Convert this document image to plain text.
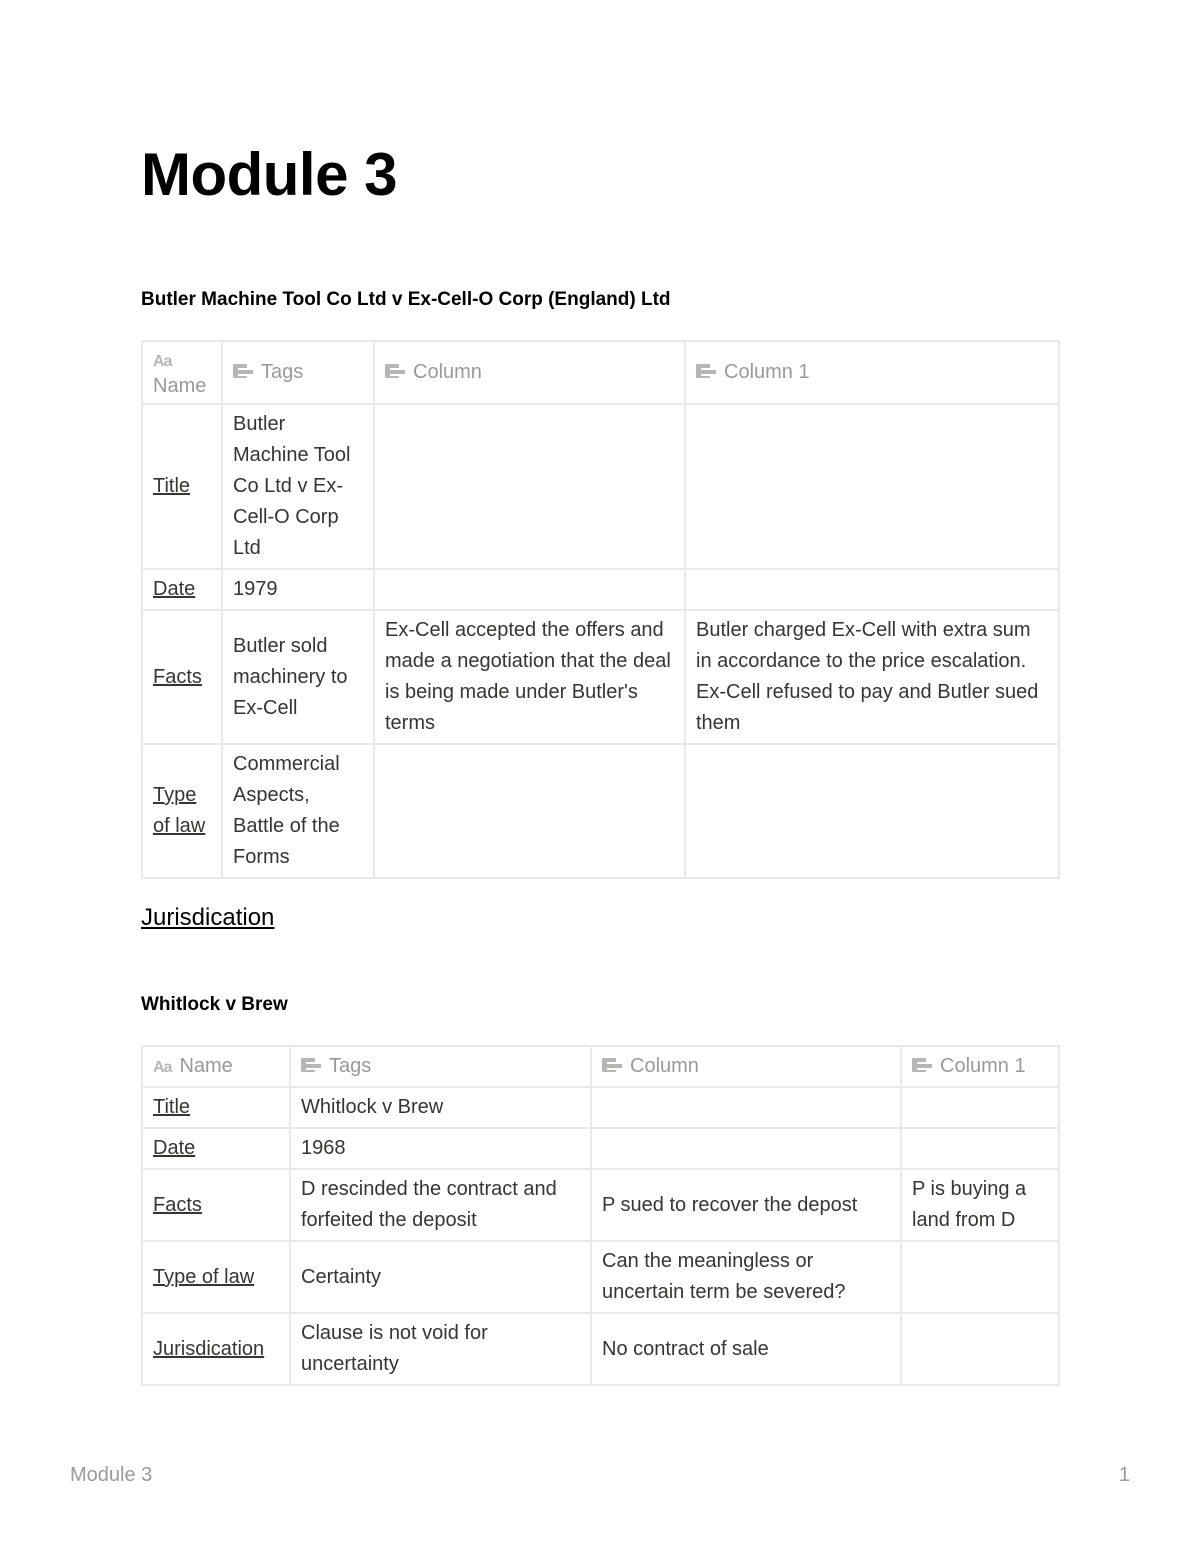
Module 3
Butler Machine Tool Co Ltd v Ex-Cell-O Corp (England) Ltd
Aa
Name	Tags	Column	Column 1
Title	Butler Machine Tool Co Ltd v Ex-Cell-O Corp Ltd		
Date	1979		
Facts	Butler sold machinery to Ex-Cell	Ex-Cell accepted the offers and made a negotiation that the deal is being made under Butler's terms	Butler charged Ex-Cell with extra sum in accordance to the price escalation. Ex-Cell refused to pay and Butler sued them
Type of law	Commercial Aspects, Battle of the Forms		
Jurisdication
Whitlock v Brew
Aa Name	Tags	Column	Column 1
Title	Whitlock v Brew		
Date	1968		
Facts	D rescinded the contract and forfeited the deposit	P sued to recover the depost	P is buying a land from D
Type of law	Certainty	Can the meaningless or uncertain term be severed?	
Jurisdication	Clause is not void for uncertainty	No contract of sale	
Module 3	1
